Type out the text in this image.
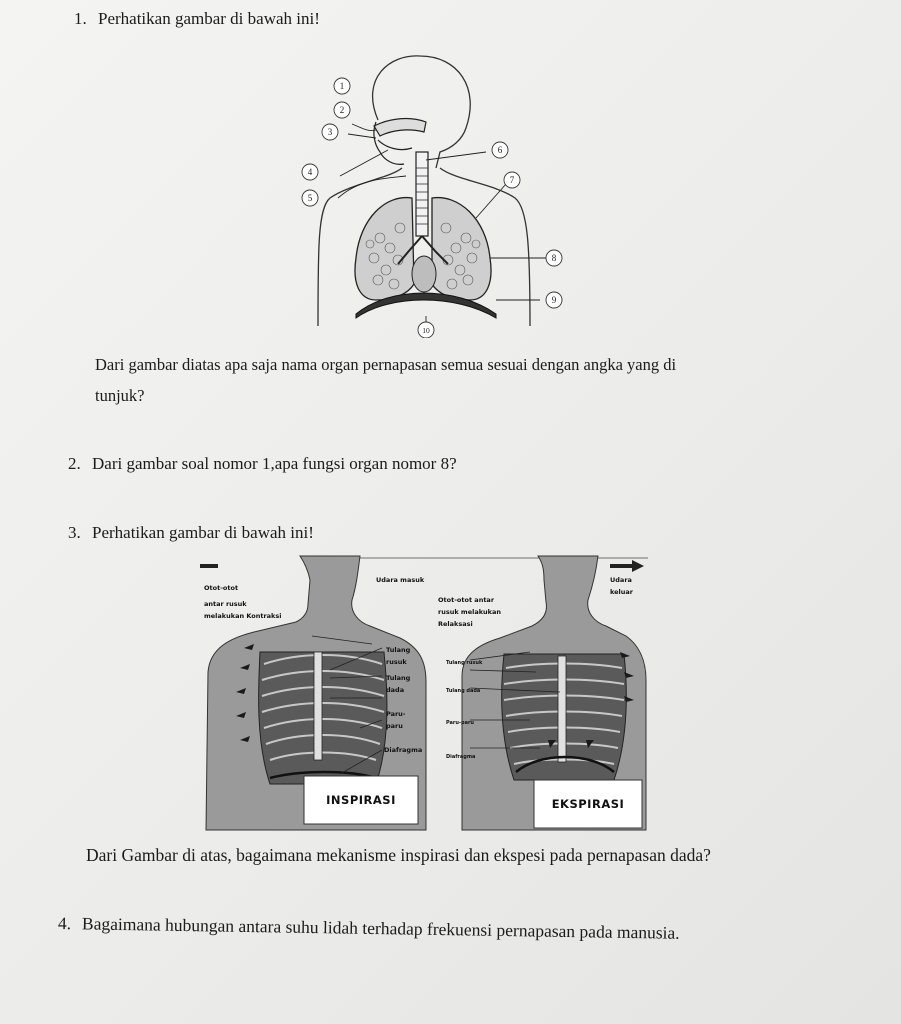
1. Perhatikan gambar di bawah ini!
1
2
3
4
5
6
7
8
9
10
Dari gambar diatas apa saja nama organ pernapasan semua sesuai dengan angka yang di
tunjuk?
2. Dari gambar soal nomor 1,apa fungsi organ nomor 8?
3. Perhatikan gambar di bawah ini!
Udara masuk
Otot-otot
antar rusuk
melakukan Kontraksi
Tulang
rusuk
Tulang
dada
Paru-
paru
Diafragma
INSPIRASI
Udara
keluar
Otot-otot antar
rusuk melakukan
Relaksasi
Tulang rusuk
Tulang dada
Paru-paru
Diafragma
EKSPIRASI
Dari Gambar di atas, bagaimana mekanisme inspirasi dan ekspesi pada pernapasan dada?
4. Bagaimana hubungan antara suhu lidah terhadap frekuensi pernapasan pada manusia.
